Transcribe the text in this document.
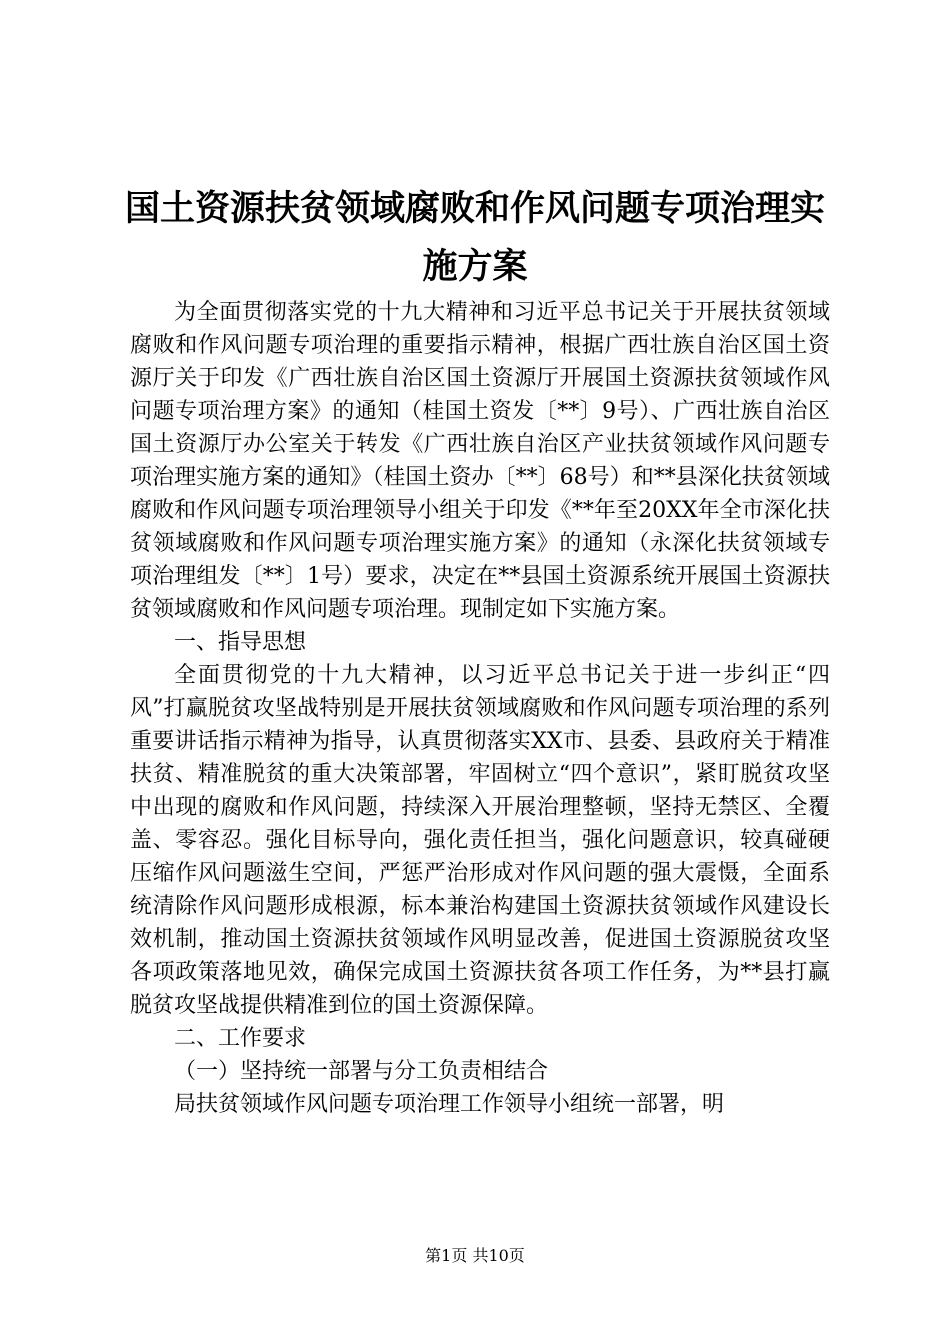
国土资源扶贫领域腐败和作风问题专项治理实
施方案

为全面贯彻落实党的十九大精神和习近平总书记关于开展扶贫领域腐败和作风问题专项治理的重要指示精神，根据广西壮族自治区国土资源厅关于印发《广西壮族自治区国土资源厅开展国土资源扶贫领域作风问题专项治理方案》的通知（桂国土资发〔**〕9号）、广西壮族自治区国土资源厅办公室关于转发《广西壮族自治区产业扶贫领域作风问题专项治理实施方案的通知》（桂国土资办〔**〕68号）和**县深化扶贫领域腐败和作风问题专项治理领导小组关于印发《**年至20XX年全市深化扶贫领域腐败和作风问题专项治理实施方案》的通知（永深化扶贫领域专项治理组发〔**〕1号）要求，决定在**县国土资源系统开展国土资源扶贫领域腐败和作风问题专项治理。现制定如下实施方案。

一、指导思想

全面贯彻党的十九大精神，以习近平总书记关于进一步纠正“四风”打赢脱贫攻坚战特别是开展扶贫领域腐败和作风问题专项治理的系列重要讲话指示精神为指导，认真贯彻落实XX市、县委、县政府关于精准扶贫、精准脱贫的重大决策部署，牢固树立“四个意识”，紧盯脱贫攻坚中出现的腐败和作风问题，持续深入开展治理整顿，坚持无禁区、全覆盖、零容忍。强化目标导向，强化责任担当，强化问题意识，较真碰硬压缩作风问题滋生空间，严惩严治形成对作风问题的强大震慑，全面系统清除作风问题形成根源，标本兼治构建国土资源扶贫领域作风建设长效机制，推动国土资源扶贫领域作风明显改善，促进国土资源脱贫攻坚各项政策落地见效，确保完成国土资源扶贫各项工作任务，为**县打赢脱贫攻坚战提供精准到位的国土资源保障。

二、工作要求

（一）坚持统一部署与分工负责相结合

局扶贫领域作风问题专项治理工作领导小组统一部署，明

第1页 共10页
